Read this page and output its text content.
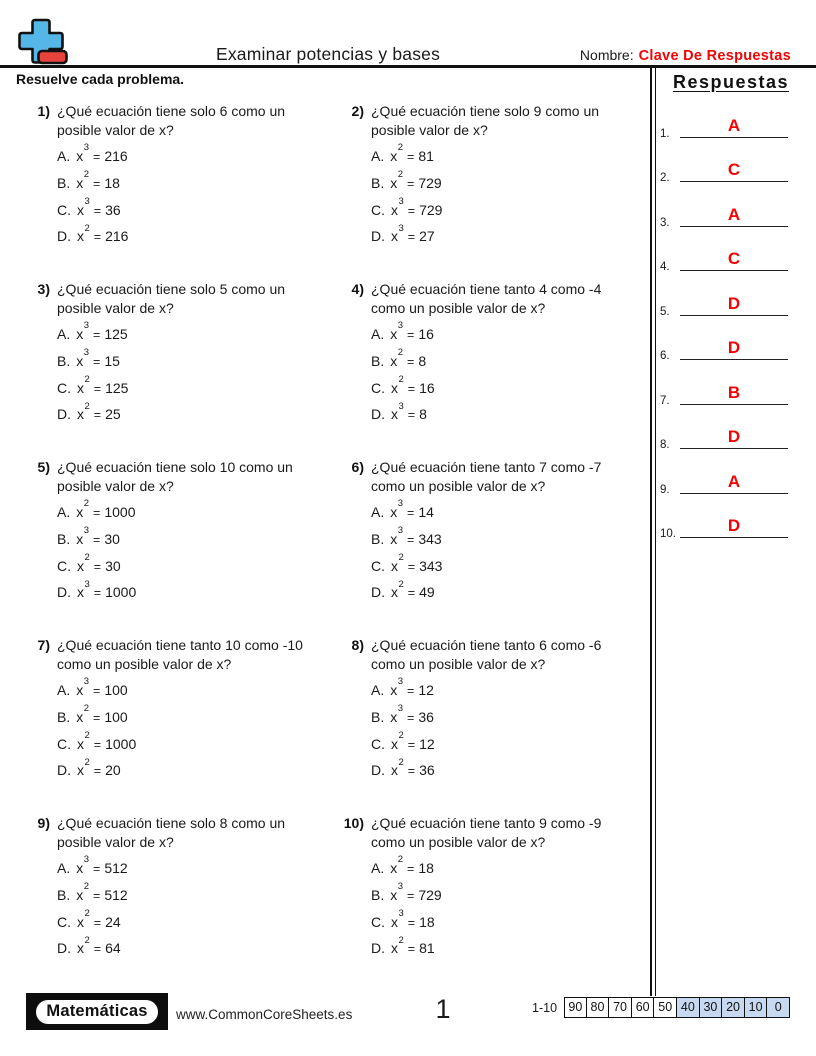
Examinar potencias y bases	Nombre: Clave De Respuestas
Resuelve cada problema.
1) ¿Qué ecuación tiene solo 6 como un
posible valor de x?
A. $x^3= 216$
B. $x^2= 18$
C. $x^3= 36$
D. $x^2= 216$
2) ¿Qué ecuación tiene solo 9 como un
posible valor de x?
A. $x^2= 81$
B. $x^2= 729$
C. $x^3= 729$
D. $x^3= 27$
3) ¿Qué ecuación tiene solo 5 como un
posible valor de x?
A. $x^3= 125$
B. $x^3= 15$
C. $x^2= 125$
D. $x^2= 25$
4) ¿Qué ecuación tiene tanto 4 como -4
como un posible valor de x?
A. $x^3= 16$
B. $x^2= 8$
C. $x^2= 16$
D. $x^3= 8$
5) ¿Qué ecuación tiene solo 10 como un
posible valor de x?
A. $x^2= 1000$
B. $x^3= 30$
C. $x^2= 30$
D. $x^3= 1000$
6) ¿Qué ecuación tiene tanto 7 como -7
como un posible valor de x?
A. $x^3= 14$
B. $x^3= 343$
C. $x^2= 343$
D. $x^2= 49$
7) ¿Qué ecuación tiene tanto 10 como -10
como un posible valor de x?
A. $x^3= 100$
B. $x^2= 100$
C. $x^2= 1000$
D. $x^2= 20$
8) ¿Qué ecuación tiene tanto 6 como -6
como un posible valor de x?
A. $x^3= 12$
B. $x^3= 36$
C. $x^2= 12$
D. $x^2= 36$
9) ¿Qué ecuación tiene solo 8 como un
posible valor de x?
A. $x^3= 512$
B. $x^2= 512$
C. $x^2= 24$
D. $x^2= 64$
10) ¿Qué ecuación tiene tanto 9 como -9
como un posible valor de x?
A. $x^2= 18$
B. $x^3= 729$
C. $x^3= 18$
D. $x^2= 81$
Respuestas
1.	A
2.	C
3.	A
4.	C
5.	D
6.	D
7.	B
8.	D
9.	A
10.	D
Matemáticas	www.CommonCoreSheets.es	1	1-10 90 80 70 60 50 40 30 20 10 0
